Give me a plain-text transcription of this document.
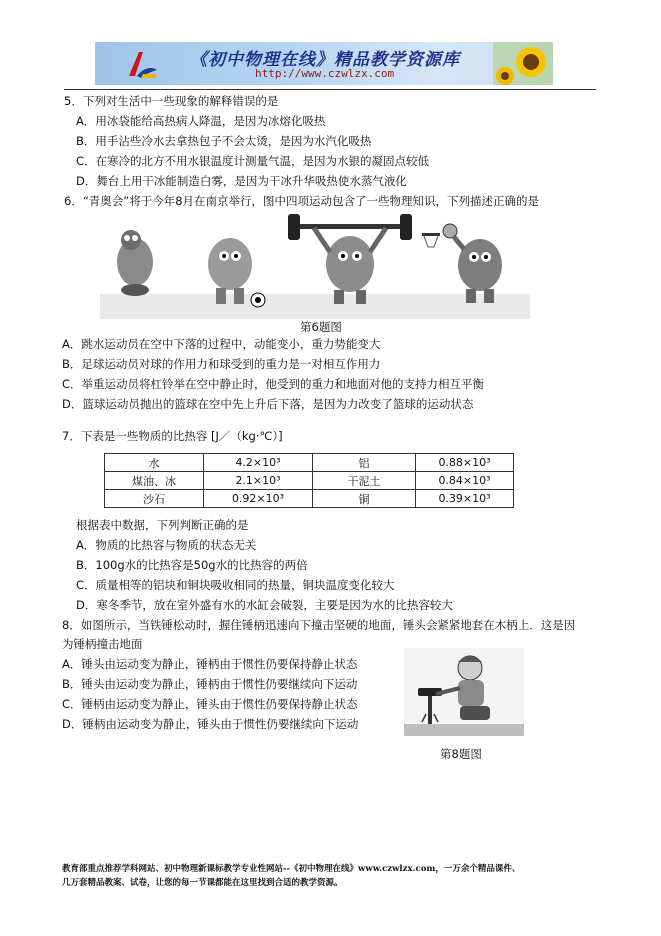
《初中物理在线》精品教学资源库
http://www.czwlzx.com
5．下列对生活中一些现象的解释错误的是
A．用冰袋能给高热病人降温，是因为冰熔化吸热
B．用手沾些冷水去拿热包子不会太烫，是因为水汽化吸热
C．在寒冷的北方不用水银温度计测量气温，是因为水银的凝固点较低
D．舞台上用干冰能制造白雾，是因为干冰升华吸热使水蒸气液化
6．“青奥会”将于今年8月在南京举行，图中四项运动包含了一些物理知识，下列描述正确的是
第6题图
A．跳水运动员在空中下落的过程中，动能变小，重力势能变大
B．足球运动员对球的作用力和球受到的重力是一对相互作用力
C．举重运动员将杠铃举在空中静止时，他受到的重力和地面对他的支持力相互平衡
D．篮球运动员抛出的篮球在空中先上升后下落，是因为力改变了篮球的运动状态
7．下表是一些物质的比热容 [J／（kg·℃）]
水	4.2×10³	铝	0.88×10³
煤油、冰	2.1×10³	干泥土	0.84×10³
沙石	0.92×10³	铜	0.39×10³
根据表中数据，下列判断正确的是
A．物质的比热容与物质的状态无关
B．100g水的比热容是50g水的比热容的两倍
C．质量相等的铝块和铜块吸收相同的热量，铜块温度变化较大
D．寒冬季节，放在室外盛有水的水缸会破裂，主要是因为水的比热容较大
8．如图所示，当铁锤松动时，握住锤柄迅速向下撞击坚硬的地面，锤头会紧紧地套在木柄上．这是因
为锤柄撞击地面
A．锤头由运动变为静止，锤柄由于惯性仍要保持静止状态
B．锤头由运动变为静止，锤柄由于惯性仍要继续向下运动
C．锤柄由运动变为静止，锤头由于惯性仍要保持静止状态
D．锤柄由运动变为静止，锤头由于惯性仍要继续向下运动
第8题图
教育部重点推荐学科网站、初中物理新课标教学专业性网站--《初中物理在线》www.czwlzx.com，一万余个精品课件、
几万套精品教案、试卷，让您的每一节课都能在这里找到合适的教学资源。
